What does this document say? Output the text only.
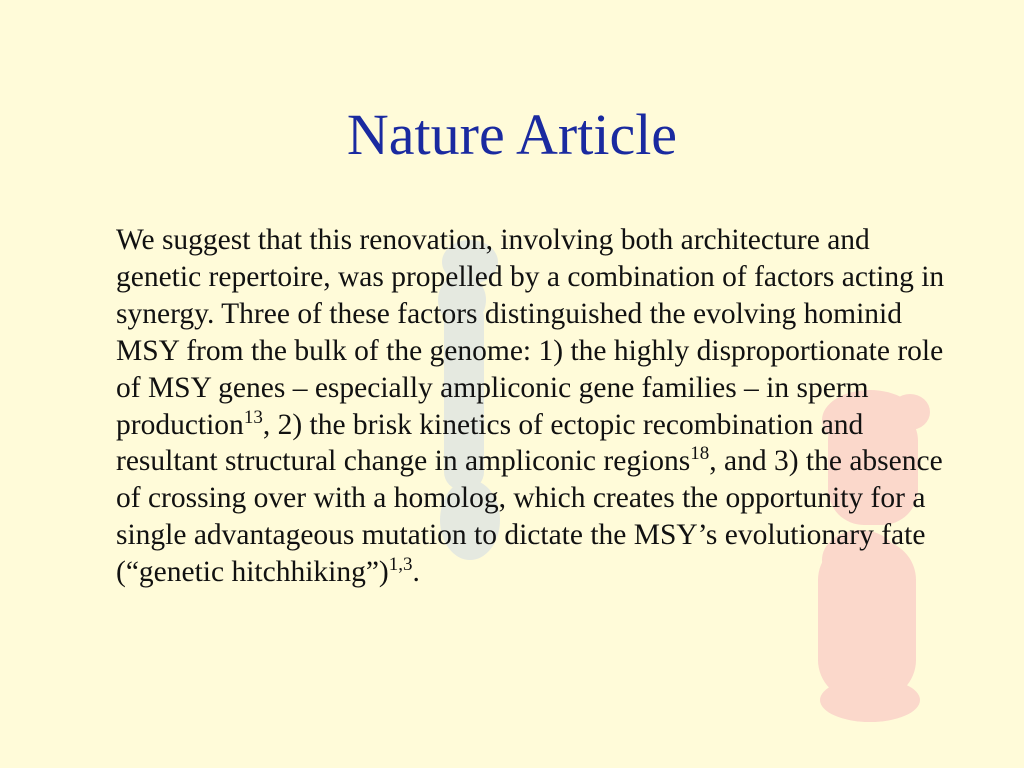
Nature Article

We suggest that this renovation, involving both architecture and genetic repertoire, was propelled by a combination of factors acting in synergy. Three of these factors distinguished the evolving hominid MSY from the bulk of the genome: 1) the highly disproportionate role of MSY genes – especially ampliconic gene families – in sperm production$^{13}$, 2) the brisk kinetics of ectopic recombination and resultant structural change in ampliconic regions$^{18}$, and 3) the absence of crossing over with a homolog, which creates the opportunity for a single advantageous mutation to dictate the MSY’s evolutionary fate (“genetic hitchhiking”)$^{1,3}$.
